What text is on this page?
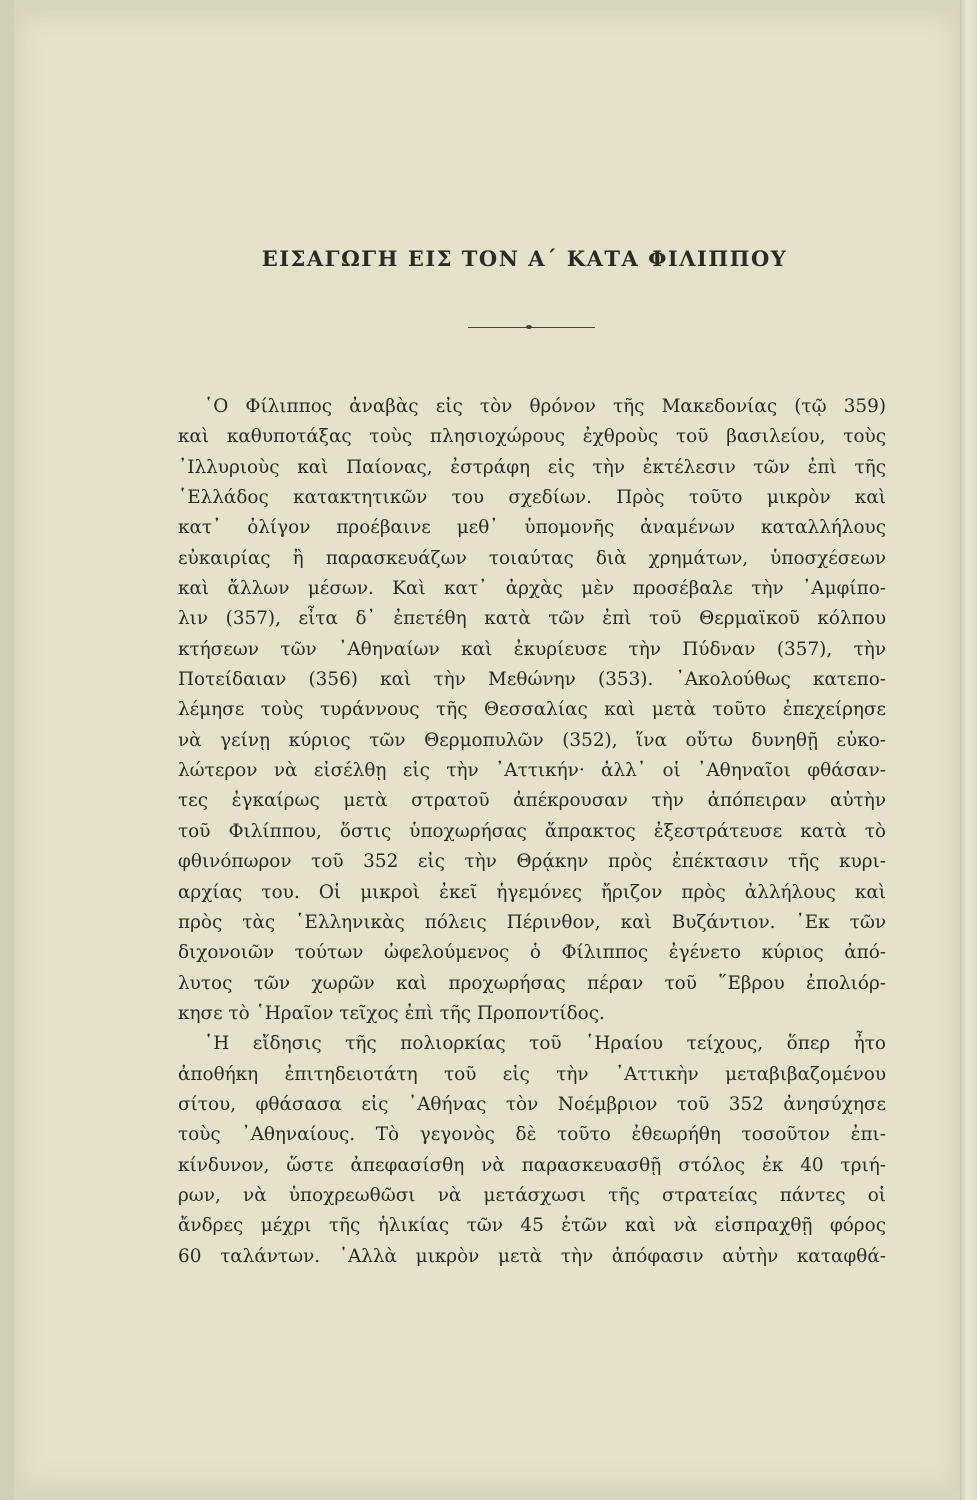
ΕΙΣΑΓΩΓΗ ΕΙΣ ΤΟΝ Α΄ ΚΑΤΑ ΦΙΛΙΠΠΟΥ
῾Ο Φίλιππος ἀναβὰς εἰς τὸν θρόνον τῆς Μακεδονίας (τῷ 359)
καὶ καθυποτάξας τοὺς πλησιοχώρους ἐχθροὺς τοῦ βασιλείου, τοὺς
᾿Ιλλυριοὺς καὶ Παίονας, ἐστράφη εἰς τὴν ἐκτέλεσιν τῶν ἐπὶ τῆς
῾Ελλάδος κατακτητικῶν του σχεδίων. Πρὸς τοῦτο μικρὸν καὶ
κατ᾿ ὀλίγον προέβαινε μεθ᾿ ὑπομονῆς ἀναμένων καταλλήλους
εὐκαιρίας ἢ παρασκευάζων τοιαύτας διὰ χρημάτων, ὑποσχέσεων
καὶ ἄλλων μέσων. Καὶ κατ᾿ ἀρχὰς μὲν προσέβαλε τὴν ᾿Αμφίπο-
λιν (357), εἶτα δ᾿ ἐπετέθη κατὰ τῶν ἐπὶ τοῦ Θερμαϊκοῦ κόλπου
κτήσεων τῶν ᾿Αθηναίων καὶ ἐκυρίευσε τὴν Πύδναν (357), τὴν
Ποτείδαιαν (356) καὶ τὴν Μεθώνην (353). ᾿Ακολούθως κατεπο-
λέμησε τοὺς τυράννους τῆς Θεσσαλίας καὶ μετὰ τοῦτο ἐπεχείρησε
νὰ γείνῃ κύριος τῶν Θερμοπυλῶν (352), ἵνα οὕτω δυνηθῇ εὐκο-
λώτερον νὰ εἰσέλθῃ εἰς τὴν ᾿Αττικήν· ἀλλ᾿ οἱ ᾿Αθηναῖοι φθάσαν-
τες ἐγκαίρως μετὰ στρατοῦ ἀπέκρουσαν τὴν ἀπόπειραν αὐτὴν
τοῦ Φιλίππου, ὅστις ὑποχωρήσας ἄπρακτος ἐξεστράτευσε κατὰ τὸ
φθινόπωρον τοῦ 352 εἰς τὴν Θρᾴκην πρὸς ἐπέκτασιν τῆς κυρι-
αρχίας του. Οἱ μικροὶ ἐκεῖ ἡγεμόνες ἤριζον πρὸς ἀλλήλους καὶ
πρὸς τὰς ῾Ελληνικὰς πόλεις Πέρινθον, καὶ Βυζάντιον. ᾿Εκ τῶν
διχονοιῶν τούτων ὠφελούμενος ὁ Φίλιππος ἐγένετο κύριος ἀπό-
λυτος τῶν χωρῶν καὶ προχωρήσας πέραν τοῦ ῞Εβρου ἐπολιόρ-
κησε τὸ ῾Ηραῖον τεῖχος ἐπὶ τῆς Προποντίδος.
῾Η εἴδησις τῆς πολιορκίας τοῦ ῾Ηραίου τείχους, ὅπερ ἦτο
ἀποθήκη ἐπιτηδειοτάτη τοῦ εἰς τὴν ᾿Αττικὴν μεταβιβαζομένου
σίτου, φθάσασα εἰς ᾿Αθήνας τὸν Νοέμβριον τοῦ 352 ἀνησύχησε
τοὺς ᾿Αθηναίους. Τὸ γεγονὸς δὲ τοῦτο ἐθεωρήθη τοσοῦτον ἐπι-
κίνδυνον, ὥστε ἀπεφασίσθη νὰ παρασκευασθῇ στόλος ἐκ 40 τριή-
ρων, νὰ ὑποχρεωθῶσι νὰ μετάσχωσι τῆς στρατείας πάντες οἱ
ἄνδρες μέχρι τῆς ἡλικίας τῶν 45 ἐτῶν καὶ νὰ εἰσπραχθῇ φόρος
60 ταλάντων. ᾿Αλλὰ μικρὸν μετὰ τὴν ἀπόφασιν αὐτὴν καταφθά-
